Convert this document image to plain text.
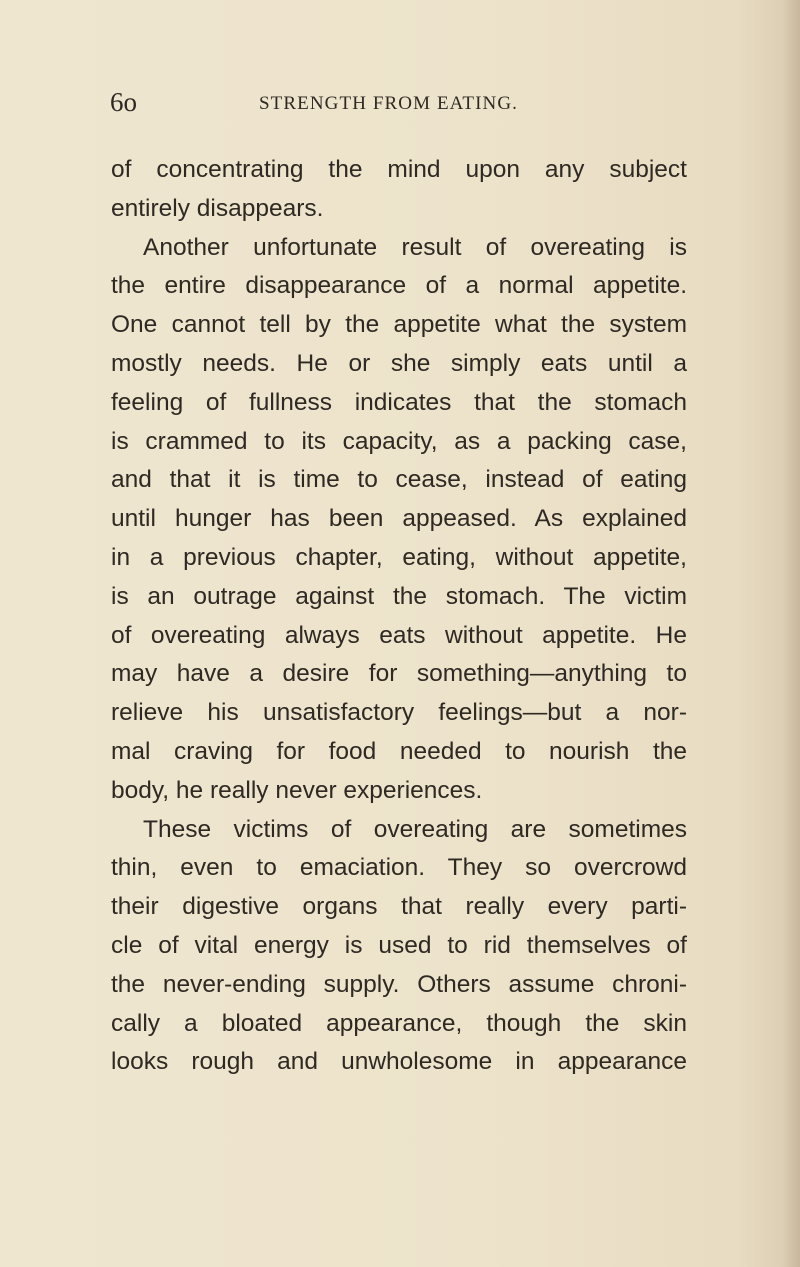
6o	STRENGTH FROM EATING.
of concentrating the mind upon any subject
entirely disappears.
Another unfortunate result of overeating is
the entire disappearance of a normal appetite.
One cannot tell by the appetite what the system
mostly needs. He or she simply eats until a
feeling of fullness indicates that the stomach
is crammed to its capacity, as a packing case,
and that it is time to cease, instead of eating
until hunger has been appeased. As explained
in a previous chapter, eating, without appetite,
is an outrage against the stomach. The victim
of overeating always eats without appetite. He
may have a desire for something—anything to
relieve his unsatisfactory feelings—but a nor-
mal craving for food needed to nourish the
body, he really never experiences.
These victims of overeating are sometimes
thin, even to emaciation. They so overcrowd
their digestive organs that really every parti-
cle of vital energy is used to rid themselves of
the never-ending supply. Others assume chroni-
cally a bloated appearance, though the skin
looks rough and unwholesome in appearance
